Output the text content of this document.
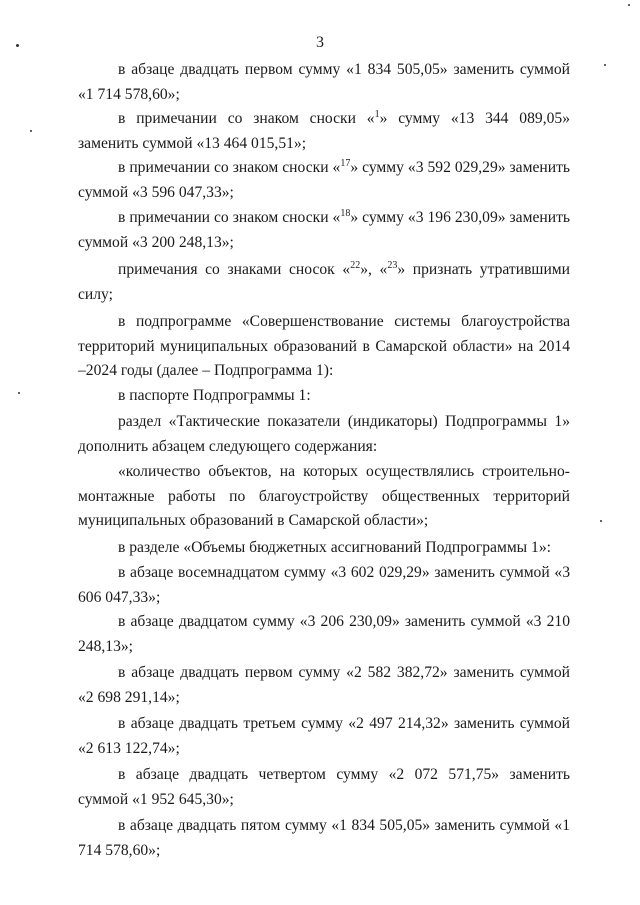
3
в абзаце двадцать первом сумму «1 834 505,05» заменить суммой «1 714 578,60»;
в примечании со знаком сноски «$^1$» сумму «13 344 089,05» заменить суммой «13 464 015,51»;
в примечании со знаком сноски «$^{17}$» сумму «3 592 029,29» заменить суммой «3 596 047,33»;
в примечании со знаком сноски «$^{18}$» сумму «3 196 230,09» заменить суммой «3 200 248,13»;
примечания со знаками сносок «$^{22}$», «$^{23}$» признать утратившими силу;
в подпрограмме «Совершенствование системы благоустройства территорий муниципальных образований в Самарской области» на 2014 –2024 годы (далее – Подпрограмма 1):
в паспорте Подпрограммы 1:
раздел «Тактические показатели (индикаторы) Подпрограммы 1» дополнить абзацем следующего содержания:
«количество объектов, на которых осуществлялись строительно-монтажные работы по благоустройству общественных территорий муниципальных образований в Самарской области»;
в разделе «Объемы бюджетных ассигнований Подпрограммы 1»:
в абзаце восемнадцатом сумму «3 602 029,29» заменить суммой «3 606 047,33»;
в абзаце двадцатом сумму «3 206 230,09» заменить суммой «3 210 248,13»;
в абзаце двадцать первом сумму «2 582 382,72» заменить суммой «2 698 291,14»;
в абзаце двадцать третьем сумму «2 497 214,32» заменить суммой «2 613 122,74»;
в абзаце двадцать четвертом сумму «2 072 571,75» заменить суммой «1 952 645,30»;
в абзаце двадцать пятом сумму «1 834 505,05» заменить суммой «1 714 578,60»;
